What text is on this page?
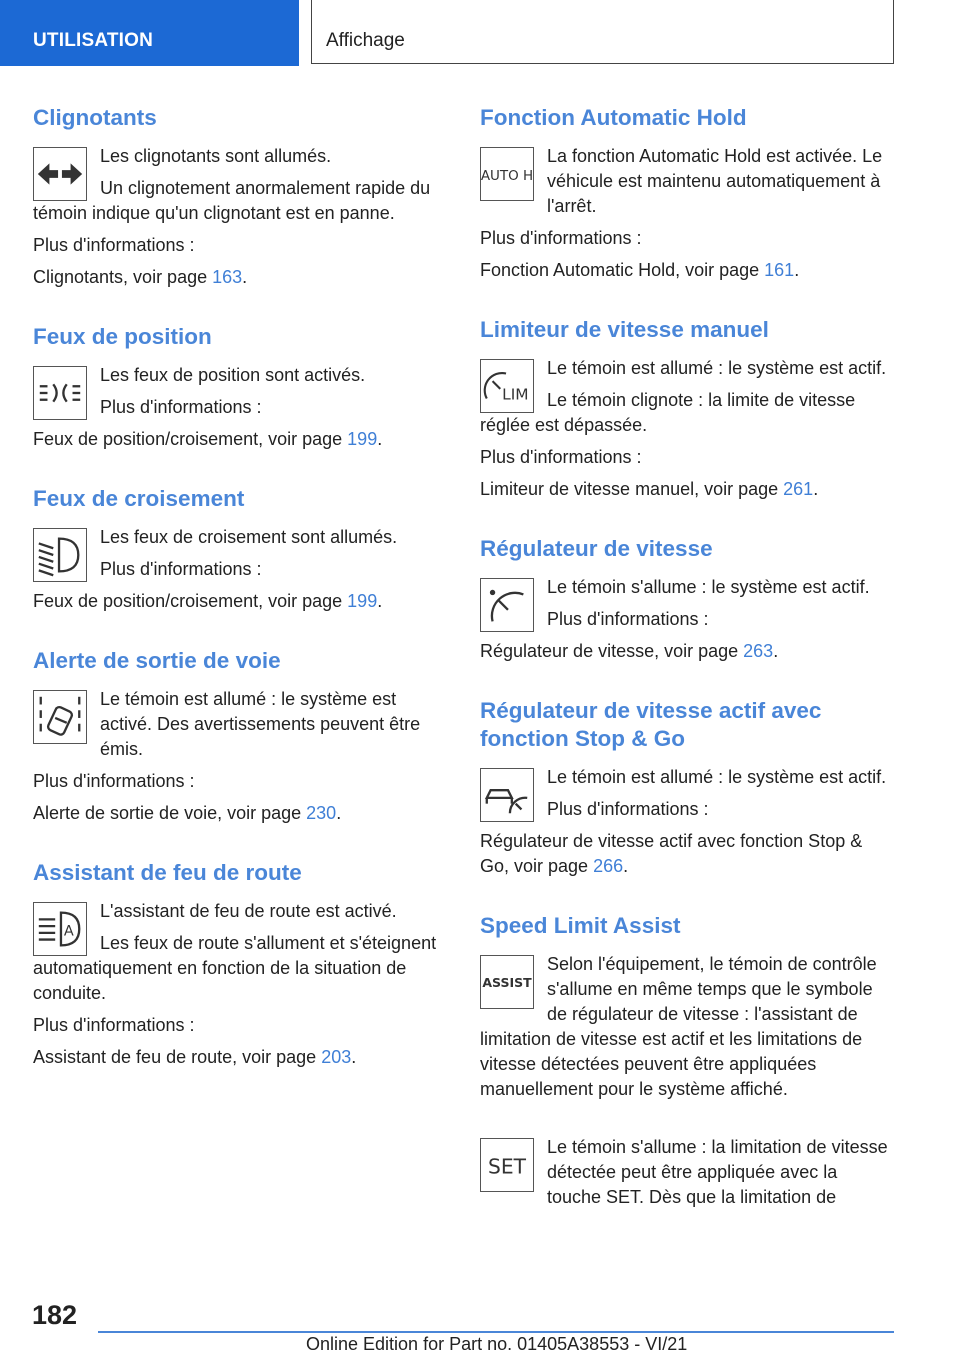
UTILISATION	Affichage
Clignotants

Les clignotants sont allumés.

Un clignotement anormalement rapide du témoin indique qu'un clignotant est en panne.

Plus d'informations :

Clignotants, voir page 163.

Feux de position

Les feux de position sont activés.

Plus d'informations :

Feux de position/croisement, voir page 199.

Feux de croisement

Les feux de croisement sont allumés.

Plus d'informations :

Feux de position/croisement, voir page 199.

Alerte de sortie de voie

Le témoin est allumé : le système est activé. Des avertissements peuvent être émis.

Plus d'informations :

Alerte de sortie de voie, voir page 230.

Assistant de feu de route
A

L'assistant de feu de route est activé.

Les feux de route s'allument et s'éteignent automatiquement en fonction de la situation de conduite.

Plus d'informations :

Assistant de feu de route, voir page 203.

Fonction Automatic Hold
AUTO H

La fonction Automatic Hold est activée. Le véhicule est maintenu automatiquement à l'arrêt.

Plus d'informations :

Fonction Automatic Hold, voir page 161.

Limiteur de vitesse manuel
LIM

Le témoin est allumé : le système est actif.

Le témoin clignote : la limite de vitesse réglée est dépassée.

Plus d'informations :

Limiteur de vitesse manuel, voir page 261.

Régulateur de vitesse

Le témoin s'allume : le système est actif.

Plus d'informations :

Régulateur de vitesse, voir page 263.

Régulateur de vitesse actif avec fonction Stop & Go

Le témoin est allumé : le système est actif.

Plus d'informations :

Régulateur de vitesse actif avec fonction Stop & Go, voir page 266.

Speed Limit Assist
ASSIST

Selon l'équipement, le témoin de contrôle s'allume en même temps que le symbole de régulateur de vitesse : l'assistant de limitation de vitesse est actif et les limitations de vitesse détectées peuvent être appliquées manuellement pour le système affiché.

SET

Le témoin s'allume : la limitation de vitesse détectée peut être appliquée avec la touche SET. Dès que la limitation de

182
Online Edition for Part no. 01405A38553 - VI/21
